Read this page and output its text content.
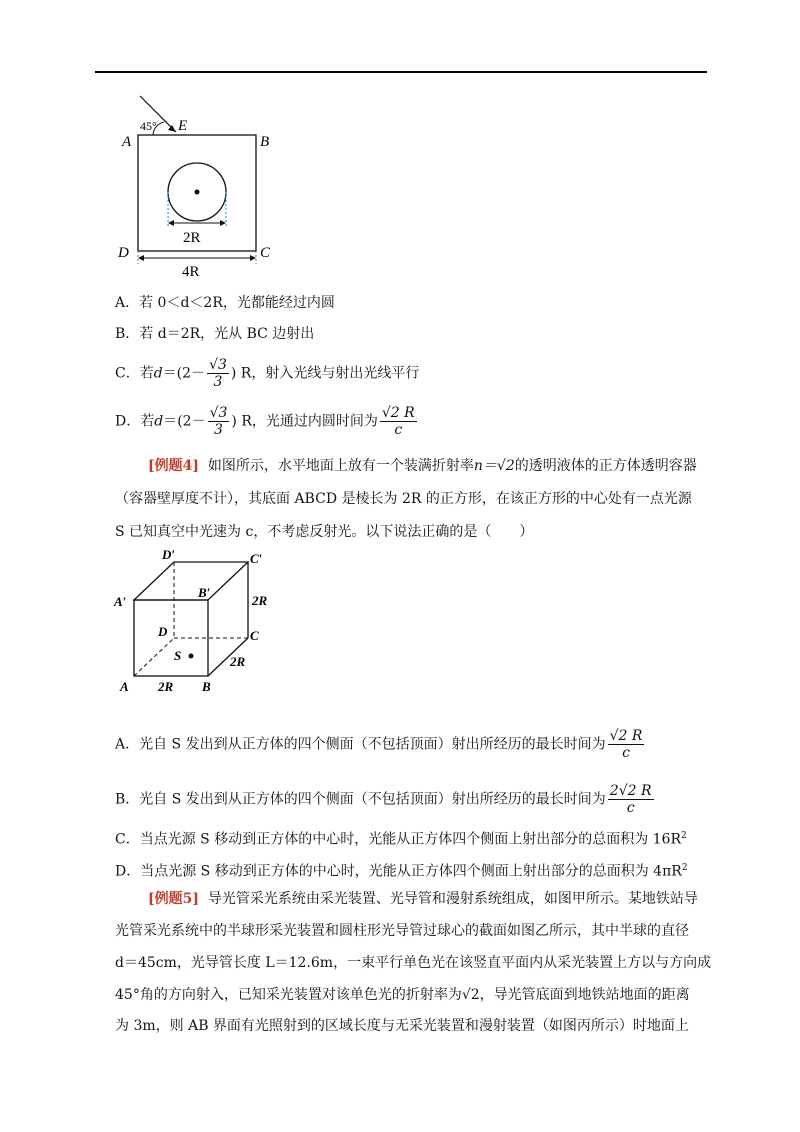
45°
A
E
B
D	C
2R
4R
A．若 0＜d＜2R，光都能经过内圆
B．若 d＝2R，光从 BC 边射出
C．若$d=(2- \frac{√3}{3}$ ) R，射入光线与射出光线平行
D．若$d=(2- \frac{√3}{3}$ ) R，光通过内圆时间为 $\frac{√2 R}{c}$
[例题4] 如图所示，水平地面上放有一个装满折射率n＝√2的透明液体的正方体透明容器
（容器壁厚度不计），其底面 ABCD 是棱长为 2R 的正方形，在该正方形的中心处有一点光源
S 已知真空中光速为 c，不考虑反射光。以下说法正确的是（　　）
D′	C′
A′
B′
2R
D	C
S	2R
A 2R B
A．光自 S 发出到从正方体的四个侧面（不包括顶面）射出所经历的最长时间为 $\frac{√2 R}{c}$
B．光自 S 发出到从正方体的四个侧面（不包括顶面）射出所经历的最长时间为 $\frac{2√2 R}{c}$
C．当点光源 S 移动到正方体的中心时，光能从正方体四个侧面上射出部分的总面积为 $16R^2$
D．当点光源 S 移动到正方体的中心时，光能从正方体四个侧面上射出部分的总面积为 $4\pi R^2$
[例题5] 导光管采光系统由采光装置、光导管和漫射系统组成，如图甲所示。某地铁站导
光管采光系统中的半球形采光装置和圆柱形光导管过球心的截面如图乙所示，其中半球的直径
d＝45cm，光导管长度 L＝12.6m，一束平行单色光在该竖直平面内从采光装置上方以与方向成
45°角的方向射入，已知采光装置对该单色光的折射率为√2，导光管底面到地铁站地面的距离
为 3m，则 AB 界面有光照射到的区域长度与无采光装置和漫射装置（如图丙所示）时地面上
